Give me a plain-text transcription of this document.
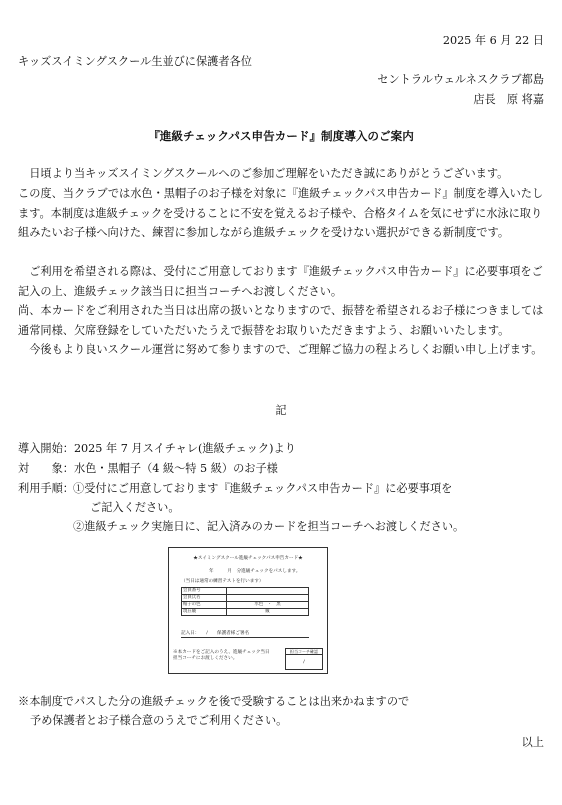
2025 年 6 月 22 日
キッズスイミングスクール生並びに保護者各位
セントラルウェルネスクラブ都島
店長　原 将嘉
『進級チェックパス申告カード』制度導入のご案内
　日頃より当キッズスイミングスクールへのご参加ご理解をいただき誠にありがとうございます。
この度、当クラブでは水色・黒帽子のお子様を対象に『進級チェックパス申告カード』制度を導入いたします。本制度は進級チェックを受けることに不安を覚えるお子様や、合格タイムを気にせずに水泳に取り組みたいお子様へ向けた、練習に参加しながら進級チェックを受けない選択ができる新制度です。
　ご利用を希望される際は、受付にご用意しております『進級チェックパス申告カード』に必要事項をご記入の上、進級チェック該当日に担当コーチへお渡しください。
尚、本カードをご利用された当日は出席の扱いとなりますので、振替を希望されるお子様につきましては通常同様、欠席登録をしていただいたうえで振替をお取りいただきますよう、お願いいたします。
　今後もより良いスクール運営に努めて参りますので、ご理解ご協力の程よろしくお願い申し上げます。
記
導入開始：2025 年 7 月スイチャレ(進級チェック)より
対　　象：水色・黒帽子（4 級～特 5 級）のお子様
利用手順： ①受付にご用意しております『進級チェックパス申告カード』に必要事項を
ご記入ください。
②進級チェック実施日に、記入済みのカードを担当コーチへお渡しください。
★スイミングスクール進級チェックパス申告カード★
年　　　月　分進級チェックをパスします。
（当日は通常の練習テストを行います）
会員番号	
会員氏名	
帽子の色	水色　・　黒
現在級	級
記入日：　　/　　保護者様ご署名
※本カードをご記入のうえ、進級チェック当日
担当コーチにお渡しください。
担当コーチ確認
/
※本制度でパスした分の進級チェックを後で受験することは出来かねますので
予め保護者とお子様合意のうえでご利用ください。
以上
